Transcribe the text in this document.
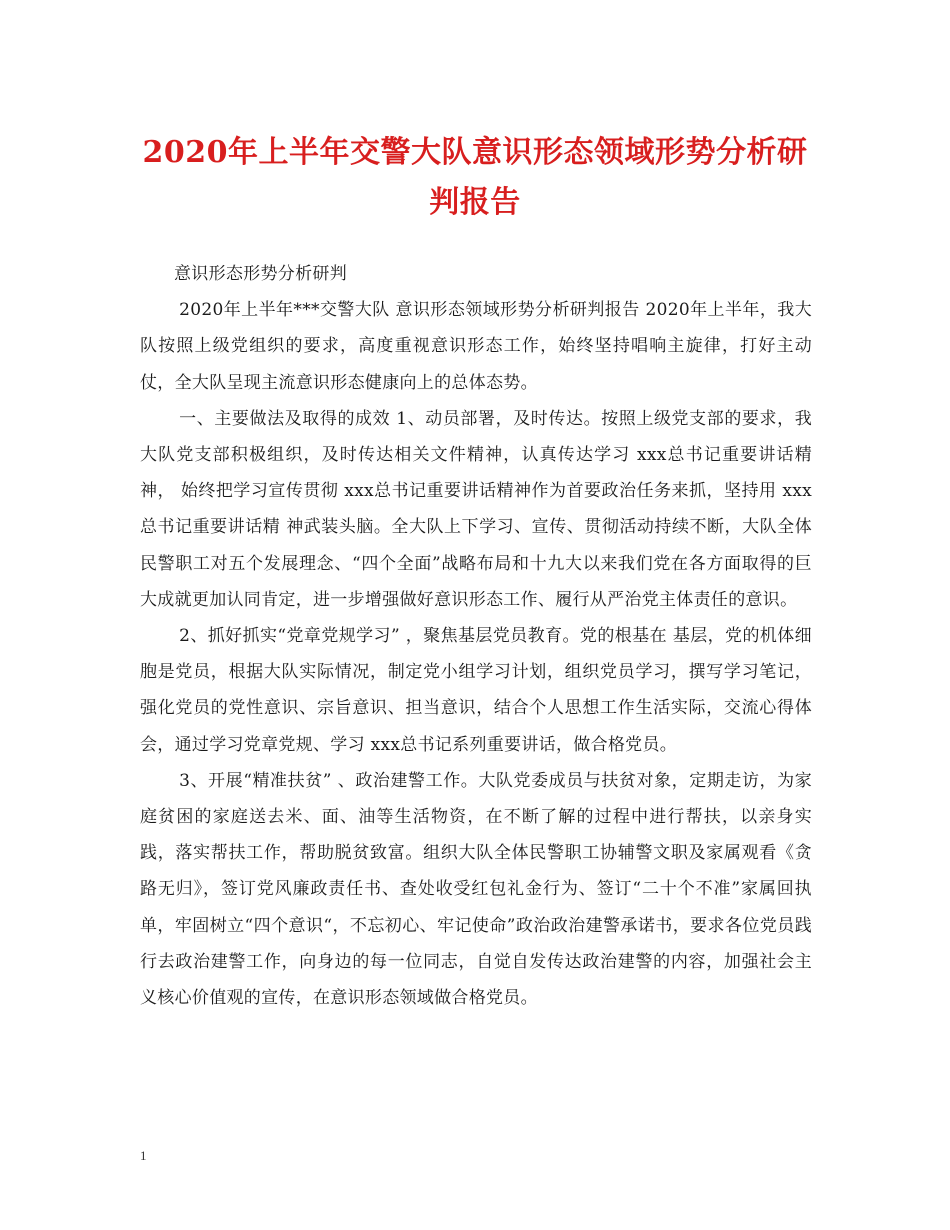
2020年上半年交警大队意识形态领域形势分析研判报告

意识形态形势分析研判

2020年上半年***交警大队 意识形态领域形势分析研判报告 2020年上半年，我大队按照上级党组织的要求，高度重视意识形态工作，始终坚持唱响主旋律，打好主动仗，全大队呈现主流意识形态健康向上的总体态势。

一、主要做法及取得的成效 1、动员部署，及时传达。按照上级党支部的要求，我大队党支部积极组织，及时传达相关文件精神，认真传达学习 xxx总书记重要讲话精神， 始终把学习宣传贯彻 xxx总书记重要讲话精神作为首要政治任务来抓，坚持用 xxx总书记重要讲话精 神武装头脑。全大队上下学习、宣传、贯彻活动持续不断，大队全体民警职工对五个发展理念、“四个全面”战略布局和十九大以来我们党在各方面取得的巨大成就更加认同肯定，进一步增强做好意识形态工作、履行从严治党主体责任的意识。

2、抓好抓实“党章党规学习” ，聚焦基层党员教育。党的根基在 基层，党的机体细胞是党员，根据大队实际情况，制定党小组学习计划，组织党员学习，撰写学习笔记，强化党员的党性意识、宗旨意识、担当意识，结合个人思想工作生活实际，交流心得体会，通过学习党章党规、学习 xxx总书记系列重要讲话，做合格党员。

3、开展“精准扶贫” 、政治建警工作。大队党委成员与扶贫对象，定期走访，为家庭贫困的家庭送去米、面、油等生活物资，在不断了解的过程中进行帮扶，以亲身实践，落实帮扶工作，帮助脱贫致富。组织大队全体民警职工协辅警文职及家属观看《贪路无归》，签订党风廉政责任书、查处收受红包礼金行为、签订“二十个不准”家属回执单，牢固树立“四个意识“，不忘初心、牢记使命”政治政治建警承诺书，要求各位党员践行去政治建警工作，向身边的每一位同志，自觉自发传达政治建警的内容，加强社会主义核心价值观的宣传，在意识形态领域做合格党员。

1
